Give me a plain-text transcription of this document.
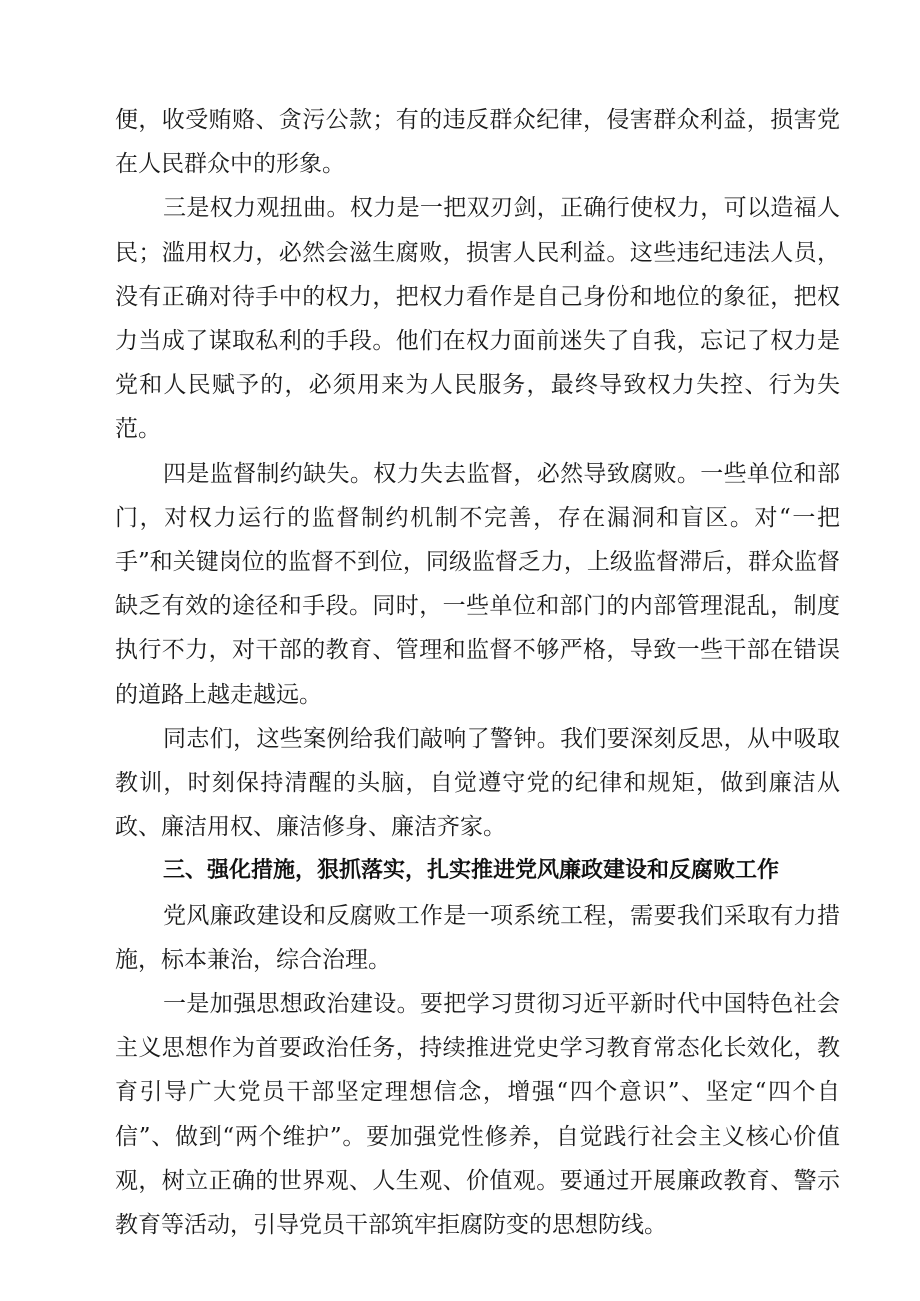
便，收受贿赂、贪污公款；有的违反群众纪律，侵害群众利益，损害党在人民群众中的形象。

三是权力观扭曲。权力是一把双刃剑，正确行使权力，可以造福人民；滥用权力，必然会滋生腐败，损害人民利益。这些违纪违法人员，没有正确对待手中的权力，把权力看作是自己身份和地位的象征，把权力当成了谋取私利的手段。他们在权力面前迷失了自我，忘记了权力是党和人民赋予的，必须用来为人民服务，最终导致权力失控、行为失范。

四是监督制约缺失。权力失去监督，必然导致腐败。一些单位和部门，对权力运行的监督制约机制不完善，存在漏洞和盲区。对“一把手”和关键岗位的监督不到位，同级监督乏力，上级监督滞后，群众监督缺乏有效的途径和手段。同时，一些单位和部门的内部管理混乱，制度执行不力，对干部的教育、管理和监督不够严格，导致一些干部在错误的道路上越走越远。

同志们，这些案例给我们敲响了警钟。我们要深刻反思，从中吸取教训，时刻保持清醒的头脑，自觉遵守党的纪律和规矩，做到廉洁从政、廉洁用权、廉洁修身、廉洁齐家。

三、强化措施，狠抓落实，扎实推进党风廉政建设和反腐败工作

党风廉政建设和反腐败工作是一项系统工程，需要我们采取有力措施，标本兼治，综合治理。

一是加强思想政治建设。要把学习贯彻习近平新时代中国特色社会主义思想作为首要政治任务，持续推进党史学习教育常态化长效化，教育引导广大党员干部坚定理想信念，增强“四个意识”、坚定“四个自信”、做到“两个维护”。要加强党性修养，自觉践行社会主义核心价值观，树立正确的世界观、人生观、价值观。要通过开展廉政教育、警示教育等活动，引导党员干部筑牢拒腐防变的思想防线。
